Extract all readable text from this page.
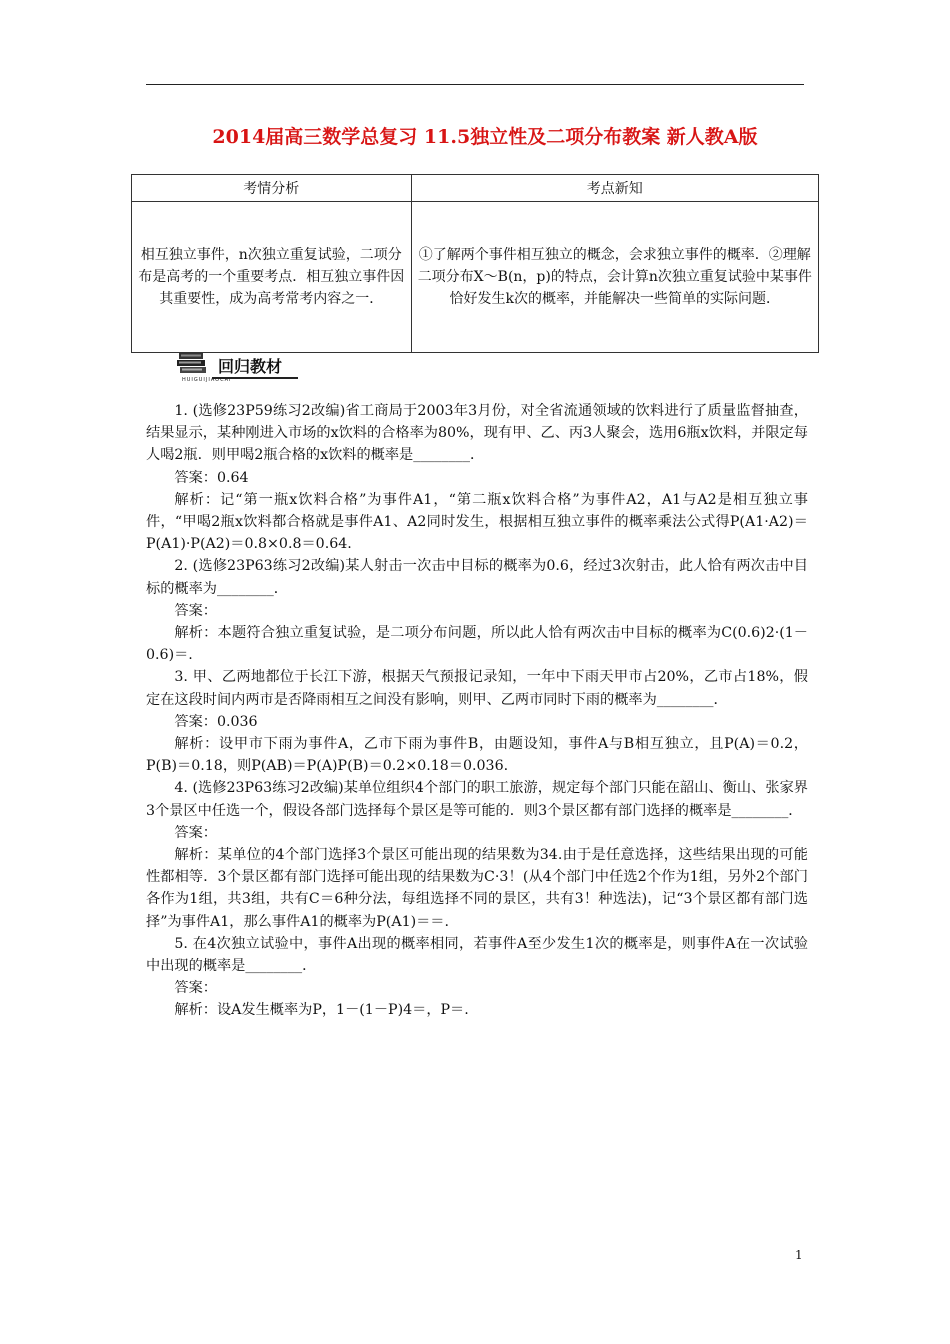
2014届高三数学总复习 11.5独立性及二项分布教案 新人教A版
考情分析	考点新知
相互独立事件，n次独立重复试验，二项分布是高考的一个重要考点．相互独立事件因其重要性，成为高考常考内容之一．	①了解两个事件相互独立的概念，会求独立事件的概率．②理解二项分布X～B(n，p)的特点，会计算n次独立重复试验中某事件恰好发生k次的概率，并能解决一些简单的实际问题．
回归教材
HUIGUIJIAOCAI

1. (选修23P59练习2改编)省工商局于2003年3月份，对全省流通领域的饮料进行了质量监督抽查，结果显示，某种刚进入市场的x饮料的合格率为80%，现有甲、乙、丙3人聚会，选用6瓶x饮料，并限定每人喝2瓶．则甲喝2瓶合格的x饮料的概率是________．

答案：0.64

解析：记“第一瓶x饮料合格”为事件A1，“第二瓶x饮料合格”为事件A2，A1与A2是相互独立事件，“甲喝2瓶x饮料都合格就是事件A1、A2同时发生，根据相互独立事件的概率乘法公式得P(A1·A2)＝P(A1)·P(A2)＝0.8×0.8＝0.64.

2. (选修23P63练习2改编)某人射击一次击中目标的概率为0.6，经过3次射击，此人恰有两次击中目标的概率为________．

答案：

解析：本题符合独立重复试验，是二项分布问题，所以此人恰有两次击中目标的概率为C(0.6)2·(1－0.6)＝.

3. 甲、乙两地都位于长江下游，根据天气预报记录知，一年中下雨天甲市占20%，乙市占18%，假定在这段时间内两市是否降雨相互之间没有影响，则甲、乙两市同时下雨的概率为________．

答案：0.036

解析：设甲市下雨为事件A，乙市下雨为事件B，由题设知，事件A与B相互独立，且P(A)＝0.2，P(B)＝0.18，则P(AB)＝P(A)P(B)＝0.2×0.18＝0.036.

4. (选修23P63练习2改编)某单位组织4个部门的职工旅游，规定每个部门只能在韶山、衡山、张家界3个景区中任选一个，假设各部门选择每个景区是等可能的．则3个景区都有部门选择的概率是________．

答案：

解析：某单位的4个部门选择3个景区可能出现的结果数为34.由于是任意选择，这些结果出现的可能性都相等．3个景区都有部门选择可能出现的结果数为C·3！(从4个部门中任选2个作为1组，另外2个部门各作为1组，共3组，共有C＝6种分法，每组选择不同的景区，共有3！种选法)，记“3个景区都有部门选择”为事件A1，那么事件A1的概率为P(A1)＝＝.

5. 在4次独立试验中，事件A出现的概率相同，若事件A至少发生1次的概率是，则事件A在一次试验中出现的概率是________．

答案：

解析：设A发生概率为P，1－(1－P)4＝，P＝.

1
